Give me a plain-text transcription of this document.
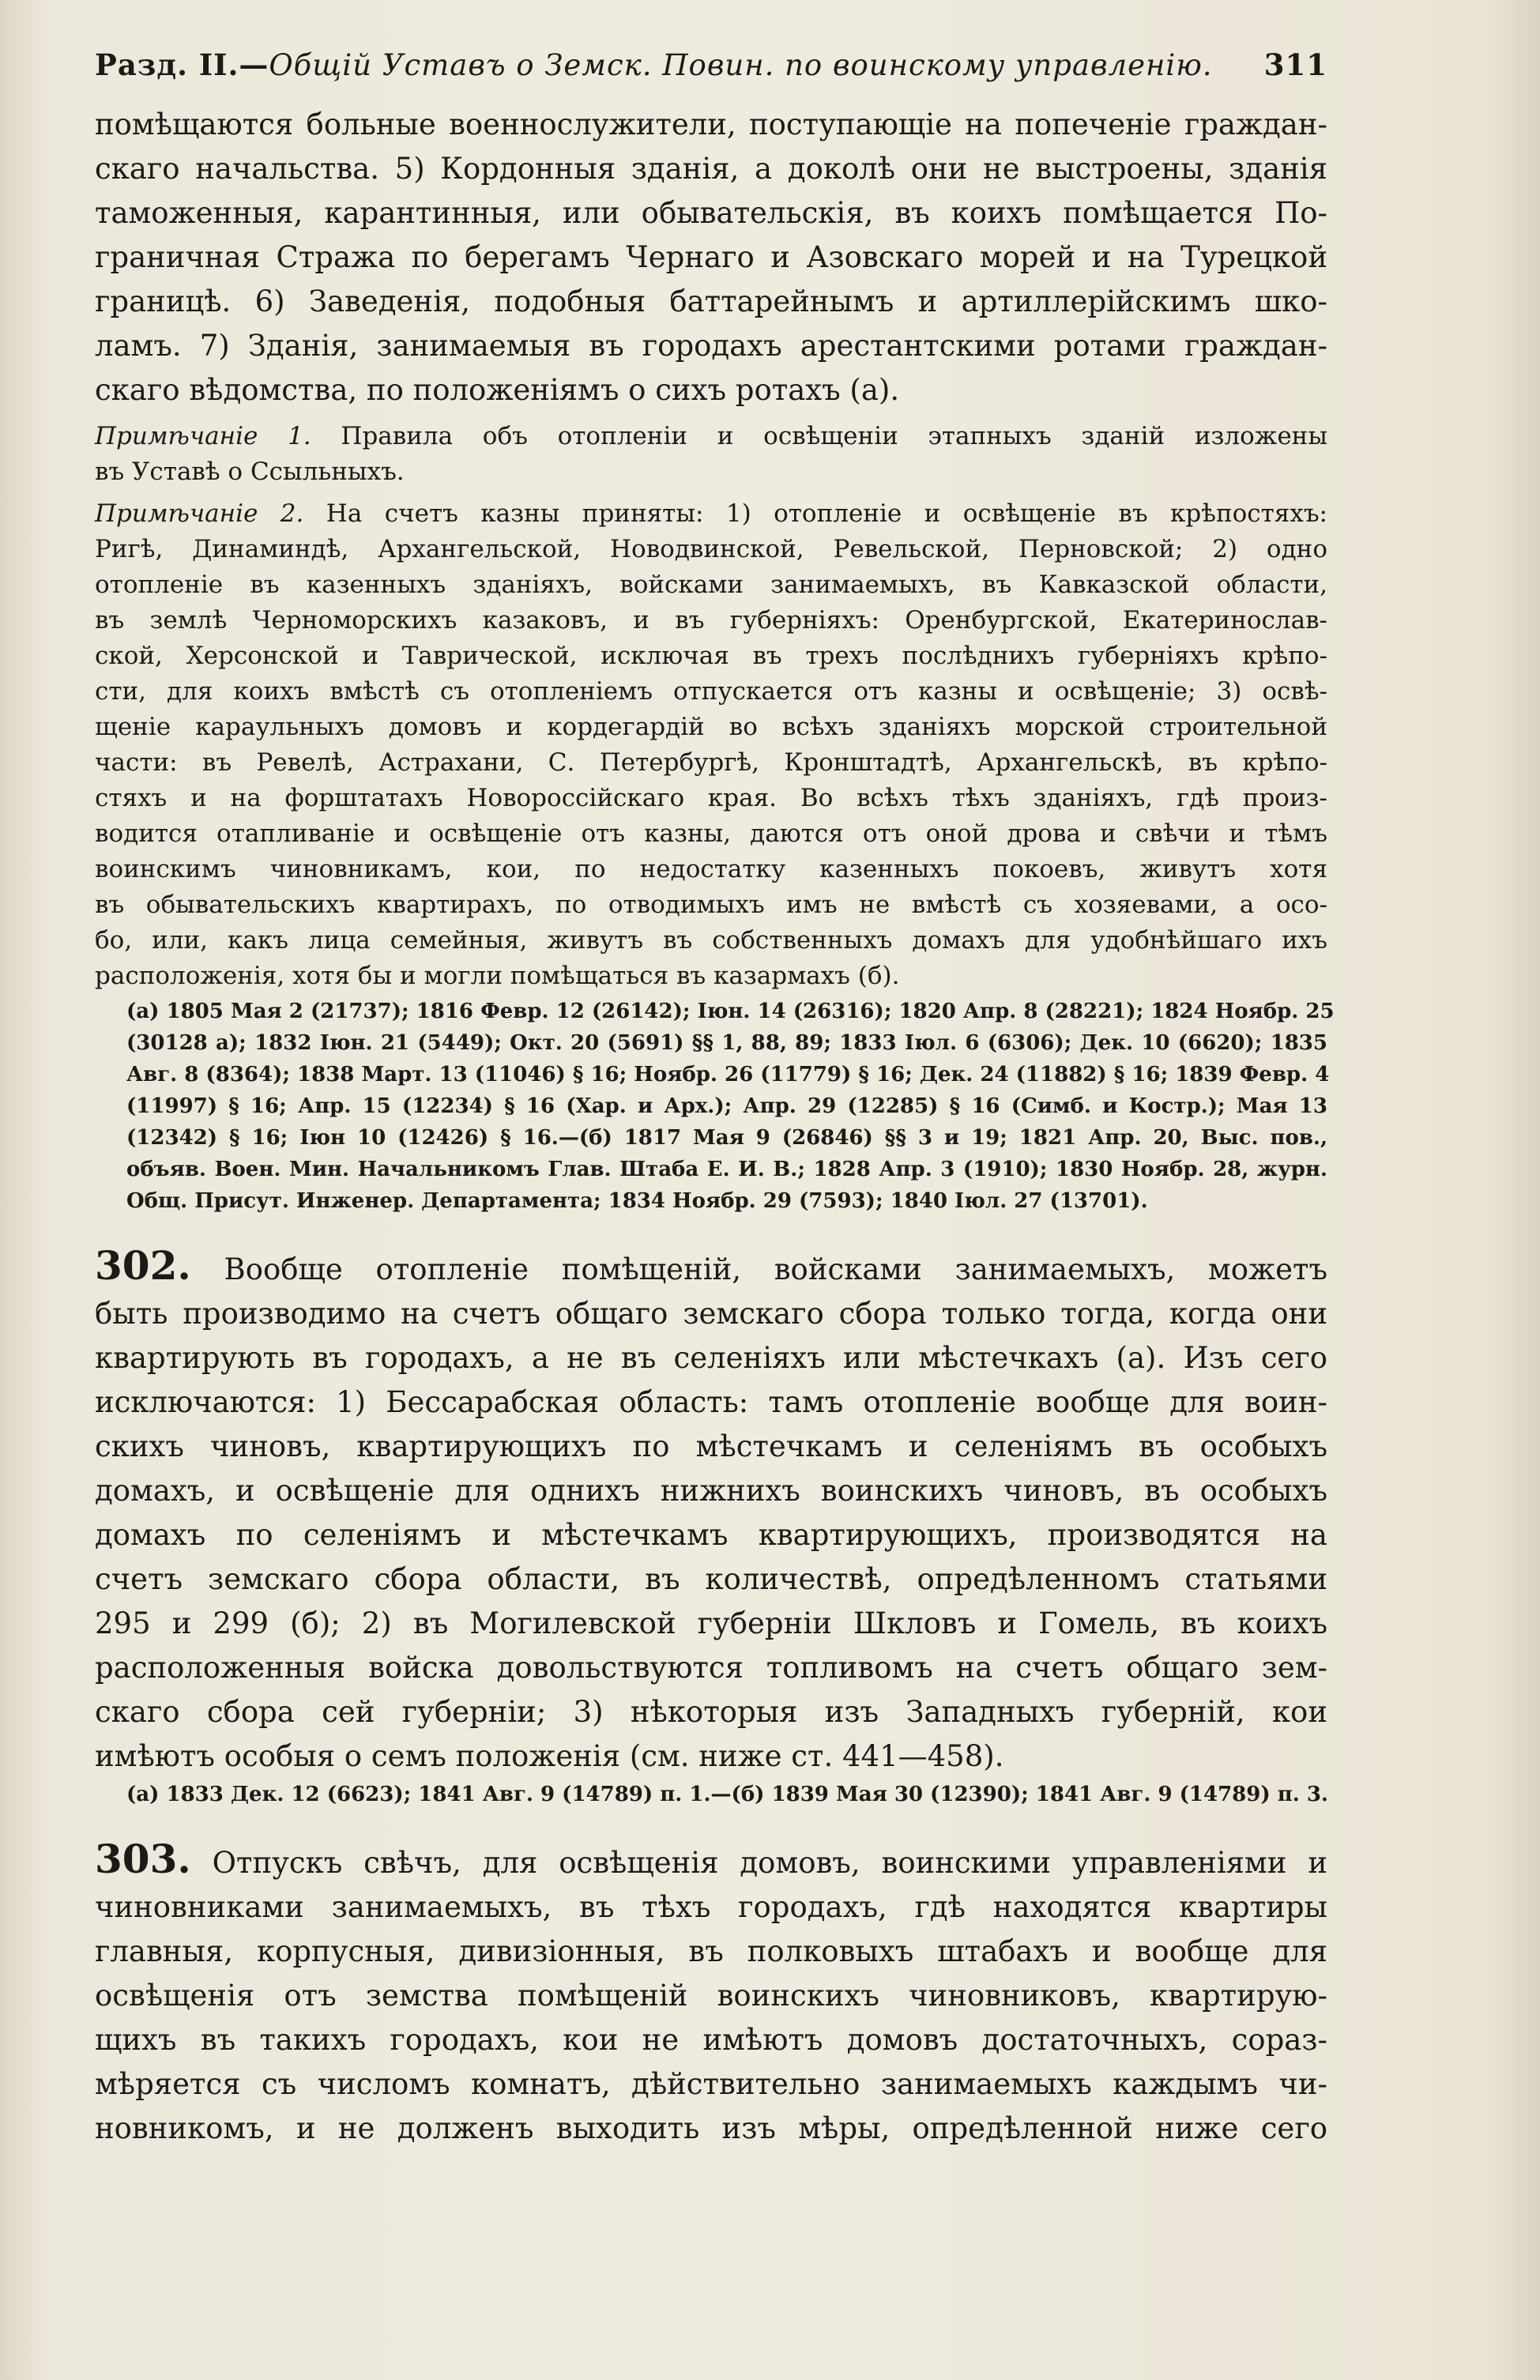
Разд. II.—Общій Уставъ о Земск. Повин. по воинскому управленію. 311
помѣщаются больные военнослужители, поступающіе на попеченіе граждан-
скаго начальства. 5) Кордонныя зданія, а доколѣ они не выстроены, зданія
таможенныя, карантинныя, или обывательскія, въ коихъ помѣщается По-
граничная Стража по берегамъ Чернаго и Азовскаго морей и на Турецкой
границѣ. 6) Заведенія, подобныя баттарейнымъ и артиллерійскимъ шко-
ламъ. 7) Зданія, занимаемыя въ городахъ арестантскими ротами граждан-
скаго вѣдомства, по положеніямъ о сихъ ротахъ (а).
Примѣчаніе 1. Правила объ отопленіи и освѣщеніи этапныхъ зданій изложены
въ Уставѣ о Ссыльныхъ.
Примѣчаніе 2. На счетъ казны приняты: 1) отопленіе и освѣщеніе въ крѣпостяхъ:
Ригѣ, Динаминдѣ, Архангельской, Новодвинской, Ревельской, Перновской; 2) одно
отопленіе въ казенныхъ зданіяхъ, войсками занимаемыхъ, въ Кавказской области,
въ землѣ Черноморскихъ казаковъ, и въ губерніяхъ: Оренбургской, Екатеринослав-
ской, Херсонской и Таврической, исключая въ трехъ послѣднихъ губерніяхъ крѣпо-
сти, для коихъ вмѣстѣ съ отопленіемъ отпускается отъ казны и освѣщеніе; 3) освѣ-
щеніе караульныхъ домовъ и кордегардій во всѣхъ зданіяхъ морской строительной
части: въ Ревелѣ, Астрахани, С. Петербургѣ, Кронштадтѣ, Архангельскѣ, въ крѣпо-
стяхъ и на форштатахъ Новороссійскаго края. Во всѣхъ тѣхъ зданіяхъ, гдѣ произ-
водится отапливаніе и освѣщеніе отъ казны, даются отъ оной дрова и свѣчи и тѣмъ
воинскимъ чиновникамъ, кои, по недостатку казенныхъ покоевъ, живутъ хотя
въ обывательскихъ квартирахъ, по отводимыхъ имъ не вмѣстѣ съ хозяевами, а осо-
бо, или, какъ лица семейныя, живутъ въ собственныхъ домахъ для удобнѣйшаго ихъ
расположенія, хотя бы и могли помѣщаться въ казармахъ (б).
(а) 1805 Мая 2 (21737); 1816 Февр. 12 (26142); Іюн. 14 (26316); 1820 Апр. 8 (28221); 1824 Ноябр. 25
(30128 а); 1832 Іюн. 21 (5449); Окт. 20 (5691) §§ 1, 88, 89; 1833 Іюл. 6 (6306); Дек. 10 (6620); 1835
Авг. 8 (8364); 1838 Март. 13 (11046) § 16; Ноябр. 26 (11779) § 16; Дек. 24 (11882) § 16; 1839 Февр. 4
(11997) § 16; Апр. 15 (12234) § 16 (Хар. и Арх.); Апр. 29 (12285) § 16 (Симб. и Костр.); Мая 13
(12342) § 16; Іюн 10 (12426) § 16.—(б) 1817 Мая 9 (26846) §§ 3 и 19; 1821 Апр. 20, Выс. пов.,
объяв. Воен. Мин. Начальникомъ Глав. Штаба Е. И. В.; 1828 Апр. 3 (1910); 1830 Ноябр. 28, журн.
Общ. Присут. Инженер. Департамента; 1834 Ноябр. 29 (7593); 1840 Іюл. 27 (13701).
302. Вообще отопленіе помѣщеній, войсками занимаемыхъ, можетъ
быть производимо на счетъ общаго земскаго сбора только тогда, когда они
квартирують въ городахъ, а не въ селеніяхъ или мѣстечкахъ (а). Изъ сего
исключаются: 1) Бессарабская область: тамъ отопленіе вообще для воин-
скихъ чиновъ, квартирующихъ по мѣстечкамъ и селеніямъ въ особыхъ
домахъ, и освѣщеніе для однихъ нижнихъ воинскихъ чиновъ, въ особыхъ
домахъ по селеніямъ и мѣстечкамъ квартирующихъ, производятся на
счетъ земскаго сбора области, въ количествѣ, опредѣленномъ статьями
295 и 299 (б); 2) въ Могилевской губерніи Шкловъ и Гомель, въ коихъ
расположенныя войска довольствуются топливомъ на счетъ общаго зем-
скаго сбора сей губерніи; 3) нѣкоторыя изъ Западныхъ губерній, кои
имѣютъ особыя о семъ положенія (см. ниже ст. 441—458).
(а) 1833 Дек. 12 (6623); 1841 Авг. 9 (14789) п. 1.—(б) 1839 Мая 30 (12390); 1841 Авг. 9 (14789) п. 3.
303. Отпускъ свѣчъ, для освѣщенія домовъ, воинскими управленіями и
чиновниками занимаемыхъ, въ тѣхъ городахъ, гдѣ находятся квартиры
главныя, корпусныя, дивизіонныя, въ полковыхъ штабахъ и вообще для
освѣщенія отъ земства помѣщеній воинскихъ чиновниковъ, квартирую-
щихъ въ такихъ городахъ, кои не имѣютъ домовъ достаточныхъ, сораз-
мѣряется съ числомъ комнатъ, дѣйствительно занимаемыхъ каждымъ чи-
новникомъ, и не долженъ выходить изъ мѣры, опредѣленной ниже сего
